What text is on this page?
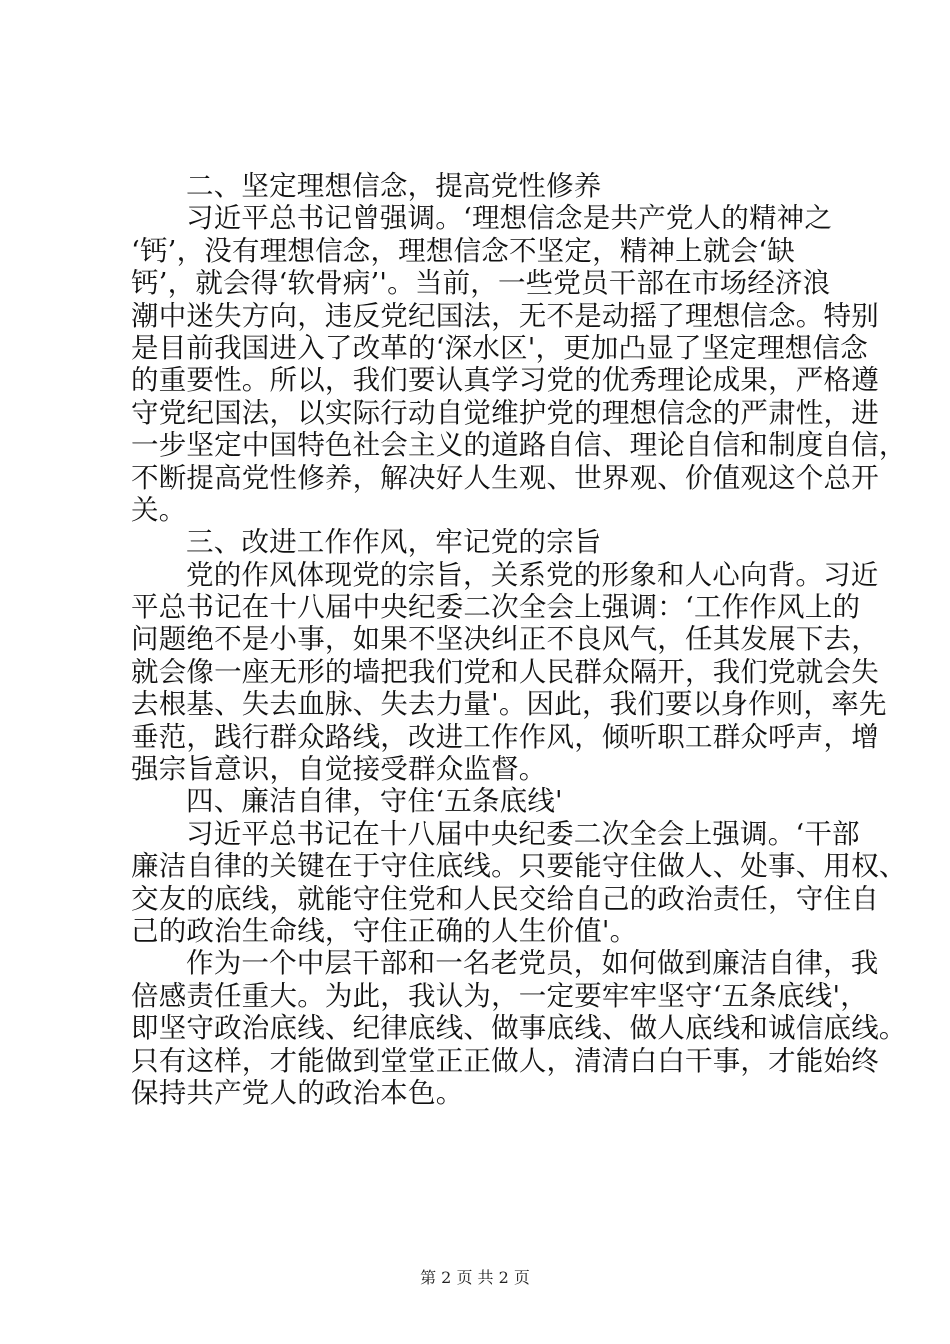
二、坚定理想信念，提高党性修养
习近平总书记曾强调。‘理想信念是共产党人的精神之
‘钙’，没有理想信念，理想信念不坚定，精神上就会‘缺
钙’，就会得‘软骨病’'。当前，一些党员干部在市场经济浪
潮中迷失方向，违反党纪国法，无不是动摇了理想信念。特别
是目前我国进入了改革的‘深水区'，更加凸显了坚定理想信念
的重要性。所以，我们要认真学习党的优秀理论成果，严格遵
守党纪国法，以实际行动自觉维护党的理想信念的严肃性，进
一步坚定中国特色社会主义的道路自信、理论自信和制度自信，
不断提高党性修养，解决好人生观、世界观、价值观这个总开
关。
三、改进工作作风，牢记党的宗旨
党的作风体现党的宗旨，关系党的形象和人心向背。习近
平总书记在十八届中央纪委二次全会上强调：‘工作作风上的
问题绝不是小事，如果不坚决纠正不良风气，任其发展下去，
就会像一座无形的墙把我们党和人民群众隔开，我们党就会失
去根基、失去血脉、失去力量'。因此，我们要以身作则，率先
垂范，践行群众路线，改进工作作风，倾听职工群众呼声，增
强宗旨意识，自觉接受群众监督。
四、廉洁自律，守住‘五条底线'
习近平总书记在十八届中央纪委二次全会上强调。‘干部
廉洁自律的关键在于守住底线。只要能守住做人、处事、用权、
交友的底线，就能守住党和人民交给自己的政治责任，守住自
己的政治生命线，守住正确的人生价值'。
作为一个中层干部和一名老党员，如何做到廉洁自律，我
倍感责任重大。为此，我认为，一定要牢牢坚守‘五条底线'，
即坚守政治底线、纪律底线、做事底线、做人底线和诚信底线。
只有这样，才能做到堂堂正正做人，清清白白干事，才能始终
保持共产党人的政治本色。
第 2 页 共 2 页
